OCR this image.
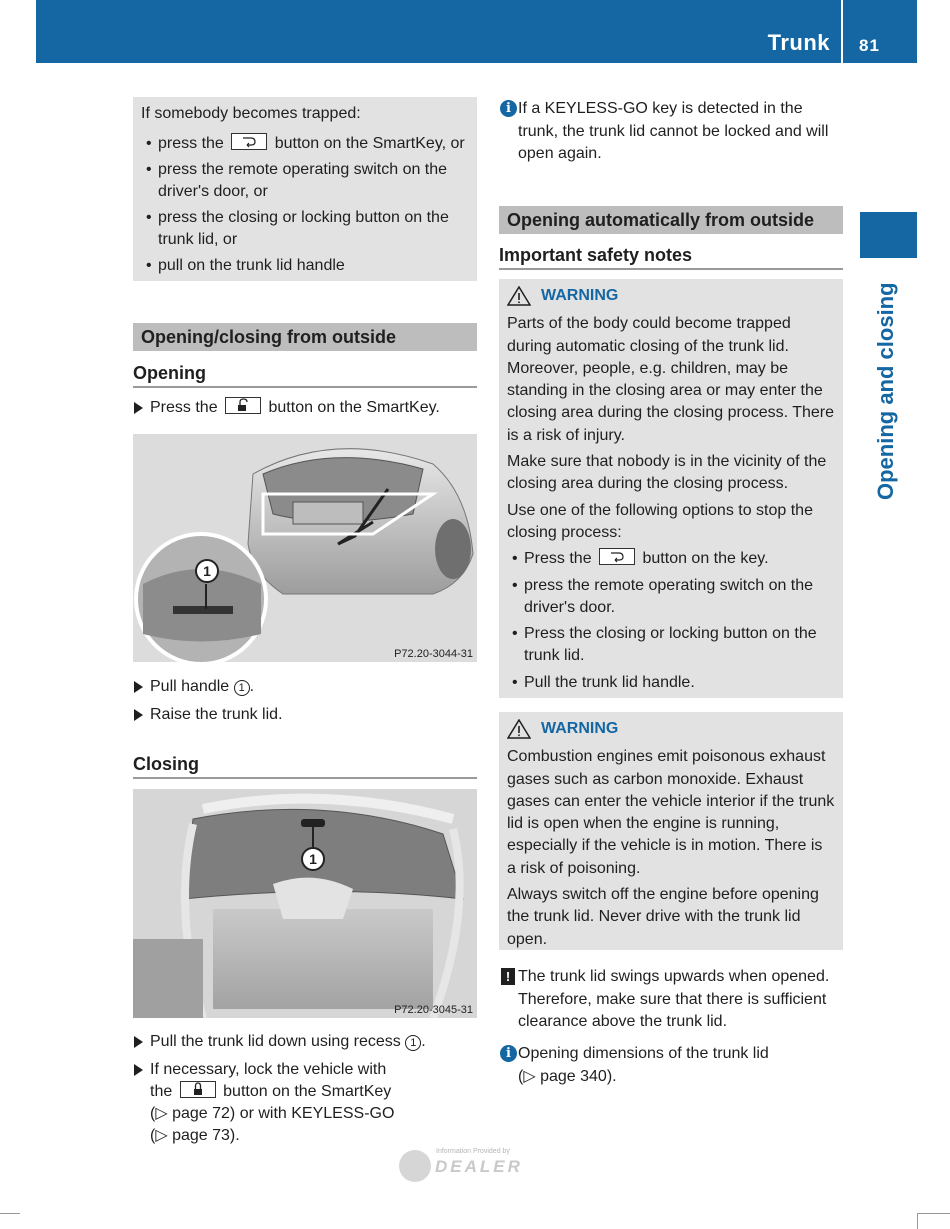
Trunk 81
Opening and closing

If somebody becomes trapped:

• press the	button on the SmartKey, or
• press the remote operating switch on the driver's door, or
• press the closing or locking button on the trunk lid, or
• pull on the trunk lid handle
Opening/closing from outside
Opening
Press the	button on the SmartKey.
1
P72.20-3044-31
Pull handle 1 .
Raise the trunk lid.
Closing
1
P72.20-3045-31
Pull the trunk lid down using recess 1 .
If necessary, lock the vehicle with
the	button on the SmartKey
(▷ page 72) or with KEYLESS-GO
(▷ page 73).
i If a KEYLESS-GO key is detected in the trunk, the trunk lid cannot be locked and will open again.
Opening automatically from outside
Important safety notes
WARNING

Parts of the body could become trapped during automatic closing of the trunk lid. Moreover, people, e.g. children, may be standing in the closing area or may enter the closing area during the closing process. There is a risk of injury.

Make sure that nobody is in the vicinity of the closing area during the closing process.

Use one of the following options to stop the closing process:

• Press the	button on the key.
• press the remote operating switch on the driver's door.
• Press the closing or locking button on the trunk lid.
• Pull the trunk lid handle.
WARNING

Combustion engines emit poisonous exhaust gases such as carbon monoxide. Exhaust gases can enter the vehicle interior if the trunk lid is open when the engine is running, especially if the vehicle is in motion. There is a risk of poisoning.

Always switch off the engine before opening the trunk lid. Never drive with the trunk lid open.

! The trunk lid swings upwards when opened. Therefore, make sure that there is sufficient clearance above the trunk lid.
i Opening dimensions of the trunk lid
(▷ page 340).
Information Provided by
DEALER
